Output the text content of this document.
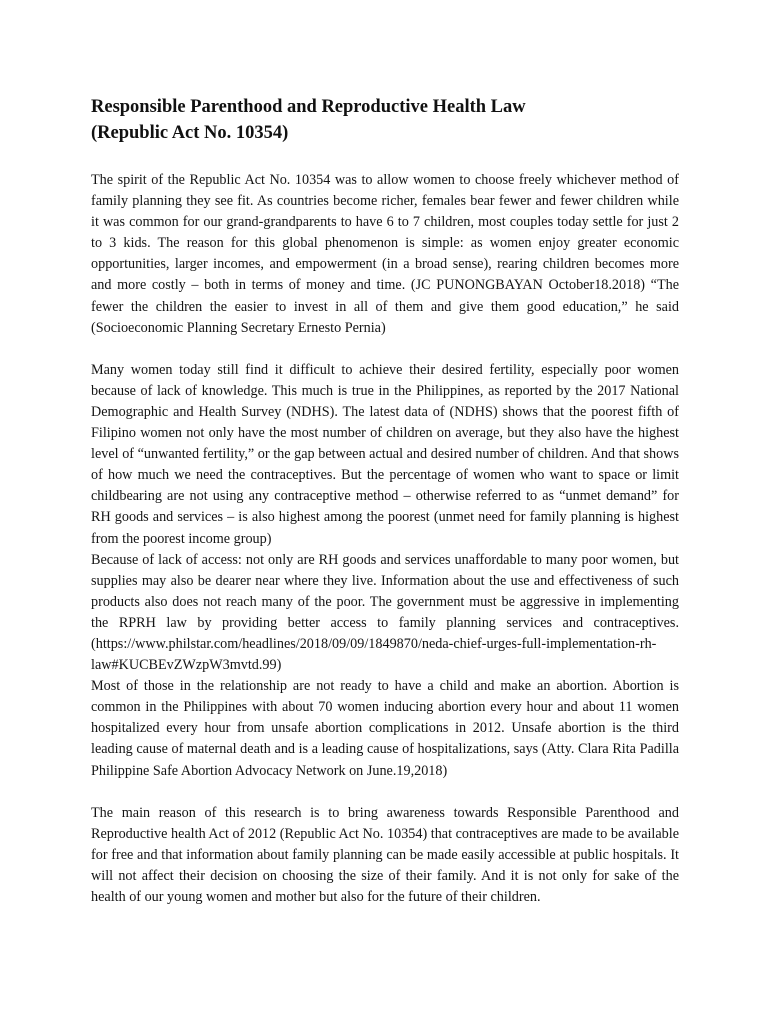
Responsible Parenthood and Reproductive Health Law
(Republic Act No. 10354)

The spirit of the Republic Act No. 10354 was to allow women to choose freely whichever method of family planning they see fit. As countries become richer, females bear fewer and fewer children while it was common for our grand-grandparents to have 6 to 7 children, most couples today settle for just 2 to 3 kids. The reason for this global phenomenon is simple: as women enjoy greater economic opportunities, larger incomes, and empowerment (in a broad sense), rearing children becomes more and more costly – both in terms of money and time. (JC PUNONGBAYAN October18.2018) “The fewer the children the easier to invest in all of them and give them good education,” he said (Socioeconomic Planning Secretary Ernesto Pernia)

Many women today still find it difficult to achieve their desired fertility, especially poor women because of lack of knowledge. This much is true in the Philippines, as reported by the 2017 National Demographic and Health Survey (NDHS). The latest data of (NDHS) shows that the poorest fifth of Filipino women not only have the most number of children on average, but they also have the highest level of “unwanted fertility,” or the gap between actual and desired number of children. And that shows of how much we need the contraceptives. But the percentage of women who want to space or limit childbearing are not using any contraceptive method – otherwise referred to as “unmet demand” for RH goods and services – is also highest among the poorest (unmet need for family planning is highest from the poorest income group)

Because of lack of access: not only are RH goods and services unaffordable to many poor women, but supplies may also be dearer near where they live. Information about the use and effectiveness of such products also does not reach many of the poor. The government must be aggressive in implementing the RPRH law by providing better access to family planning services and contraceptives. (https://www.philstar.com/headlines/2018/09/09/1849870/neda-chief-urges-full-implementation-rh-law#KUCBEvZWzpW3mvtd.99)

Most of those in the relationship are not ready to have a child and make an abortion. Abortion is common in the Philippines with about 70 women inducing abortion every hour and about 11 women hospitalized every hour from unsafe abortion complications in 2012. Unsafe abortion is the third leading cause of maternal death and is a leading cause of hospitalizations, says (Atty. Clara Rita Padilla Philippine Safe Abortion Advocacy Network on June.19,2018)

The main reason of this research is to bring awareness towards Responsible Parenthood and Reproductive health Act of 2012 (Republic Act No. 10354) that contraceptives are made to be available for free and that information about family planning can be made easily accessible at public hospitals. It will not affect their decision on choosing the size of their family. And it is not only for sake of the health of our young women and mother but also for the future of their children.
